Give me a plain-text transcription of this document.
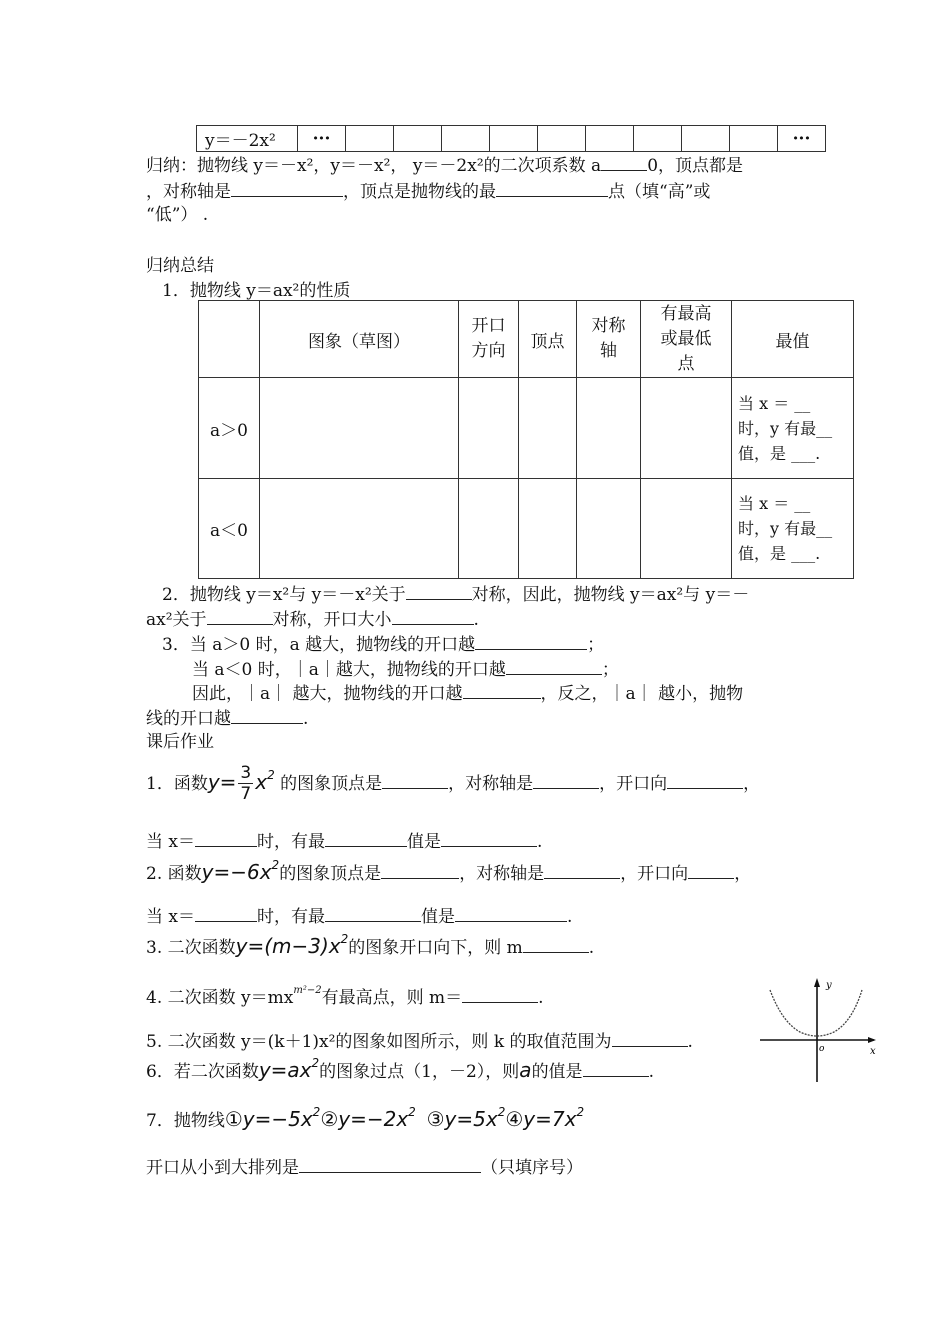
y＝－2x²	···										···
归纳：抛物线 y＝－x²，y＝－x²， y＝－2x²的二次项系数 a	0，顶点都是
，对称轴是	，顶点是抛物线的最	点（填“高”或
“低”） .
归纳总结
1．抛物线 y＝ax²的性质
	图象（草图）	开口方向	顶点	对称轴	有最高或最低点	最值
a＞0						当 x ＝ __ 时，y 有最__值，是 ___.
a＜0						当 x ＝ __ 时，y 有最__值，是 ___.
2．抛物线 y＝x²与 y＝－x²关于	对称，因此，抛物线 y＝ax²与 y＝－
ax²关于	对称，开口大小	.
3．当 a＞0 时，a 越大，抛物线的开口越	；
当 a＜0 时，｜a｜越大，抛物线的开口越	；
因此，｜a｜ 越大，抛物线的开口越	，反之，｜a｜ 越小，抛物
线的开口越	.
课后作业
1．函数$y= \frac{3}{7} x^2$ 的图象顶点是	，对称轴是	，开口向	，
当 x＝	时，有最	值是	.
2. 函数$y=-6x^2$的图象顶点是	，对称轴是	，开口向	，
当 x＝	时，有最	值是	.
3. 二次函数$y=(m-3)x^2$的图象开口向下，则 m	.
4. 二次函数 $y=mx^{m^2-2}$有最高点，则 m＝	.
5. 二次函数 y＝(k＋1)x²的图象如图所示，则 k 的取值范围为	.
6．若二次函数$y=ax^2$的图象过点（1，－2），则a的值是	.
7．抛物线$①y=-5x^2②y=-2x^2$ $③y=5x^2④y=7x^2$
开口从小到大排列是	（只填序号）
y
x
o
